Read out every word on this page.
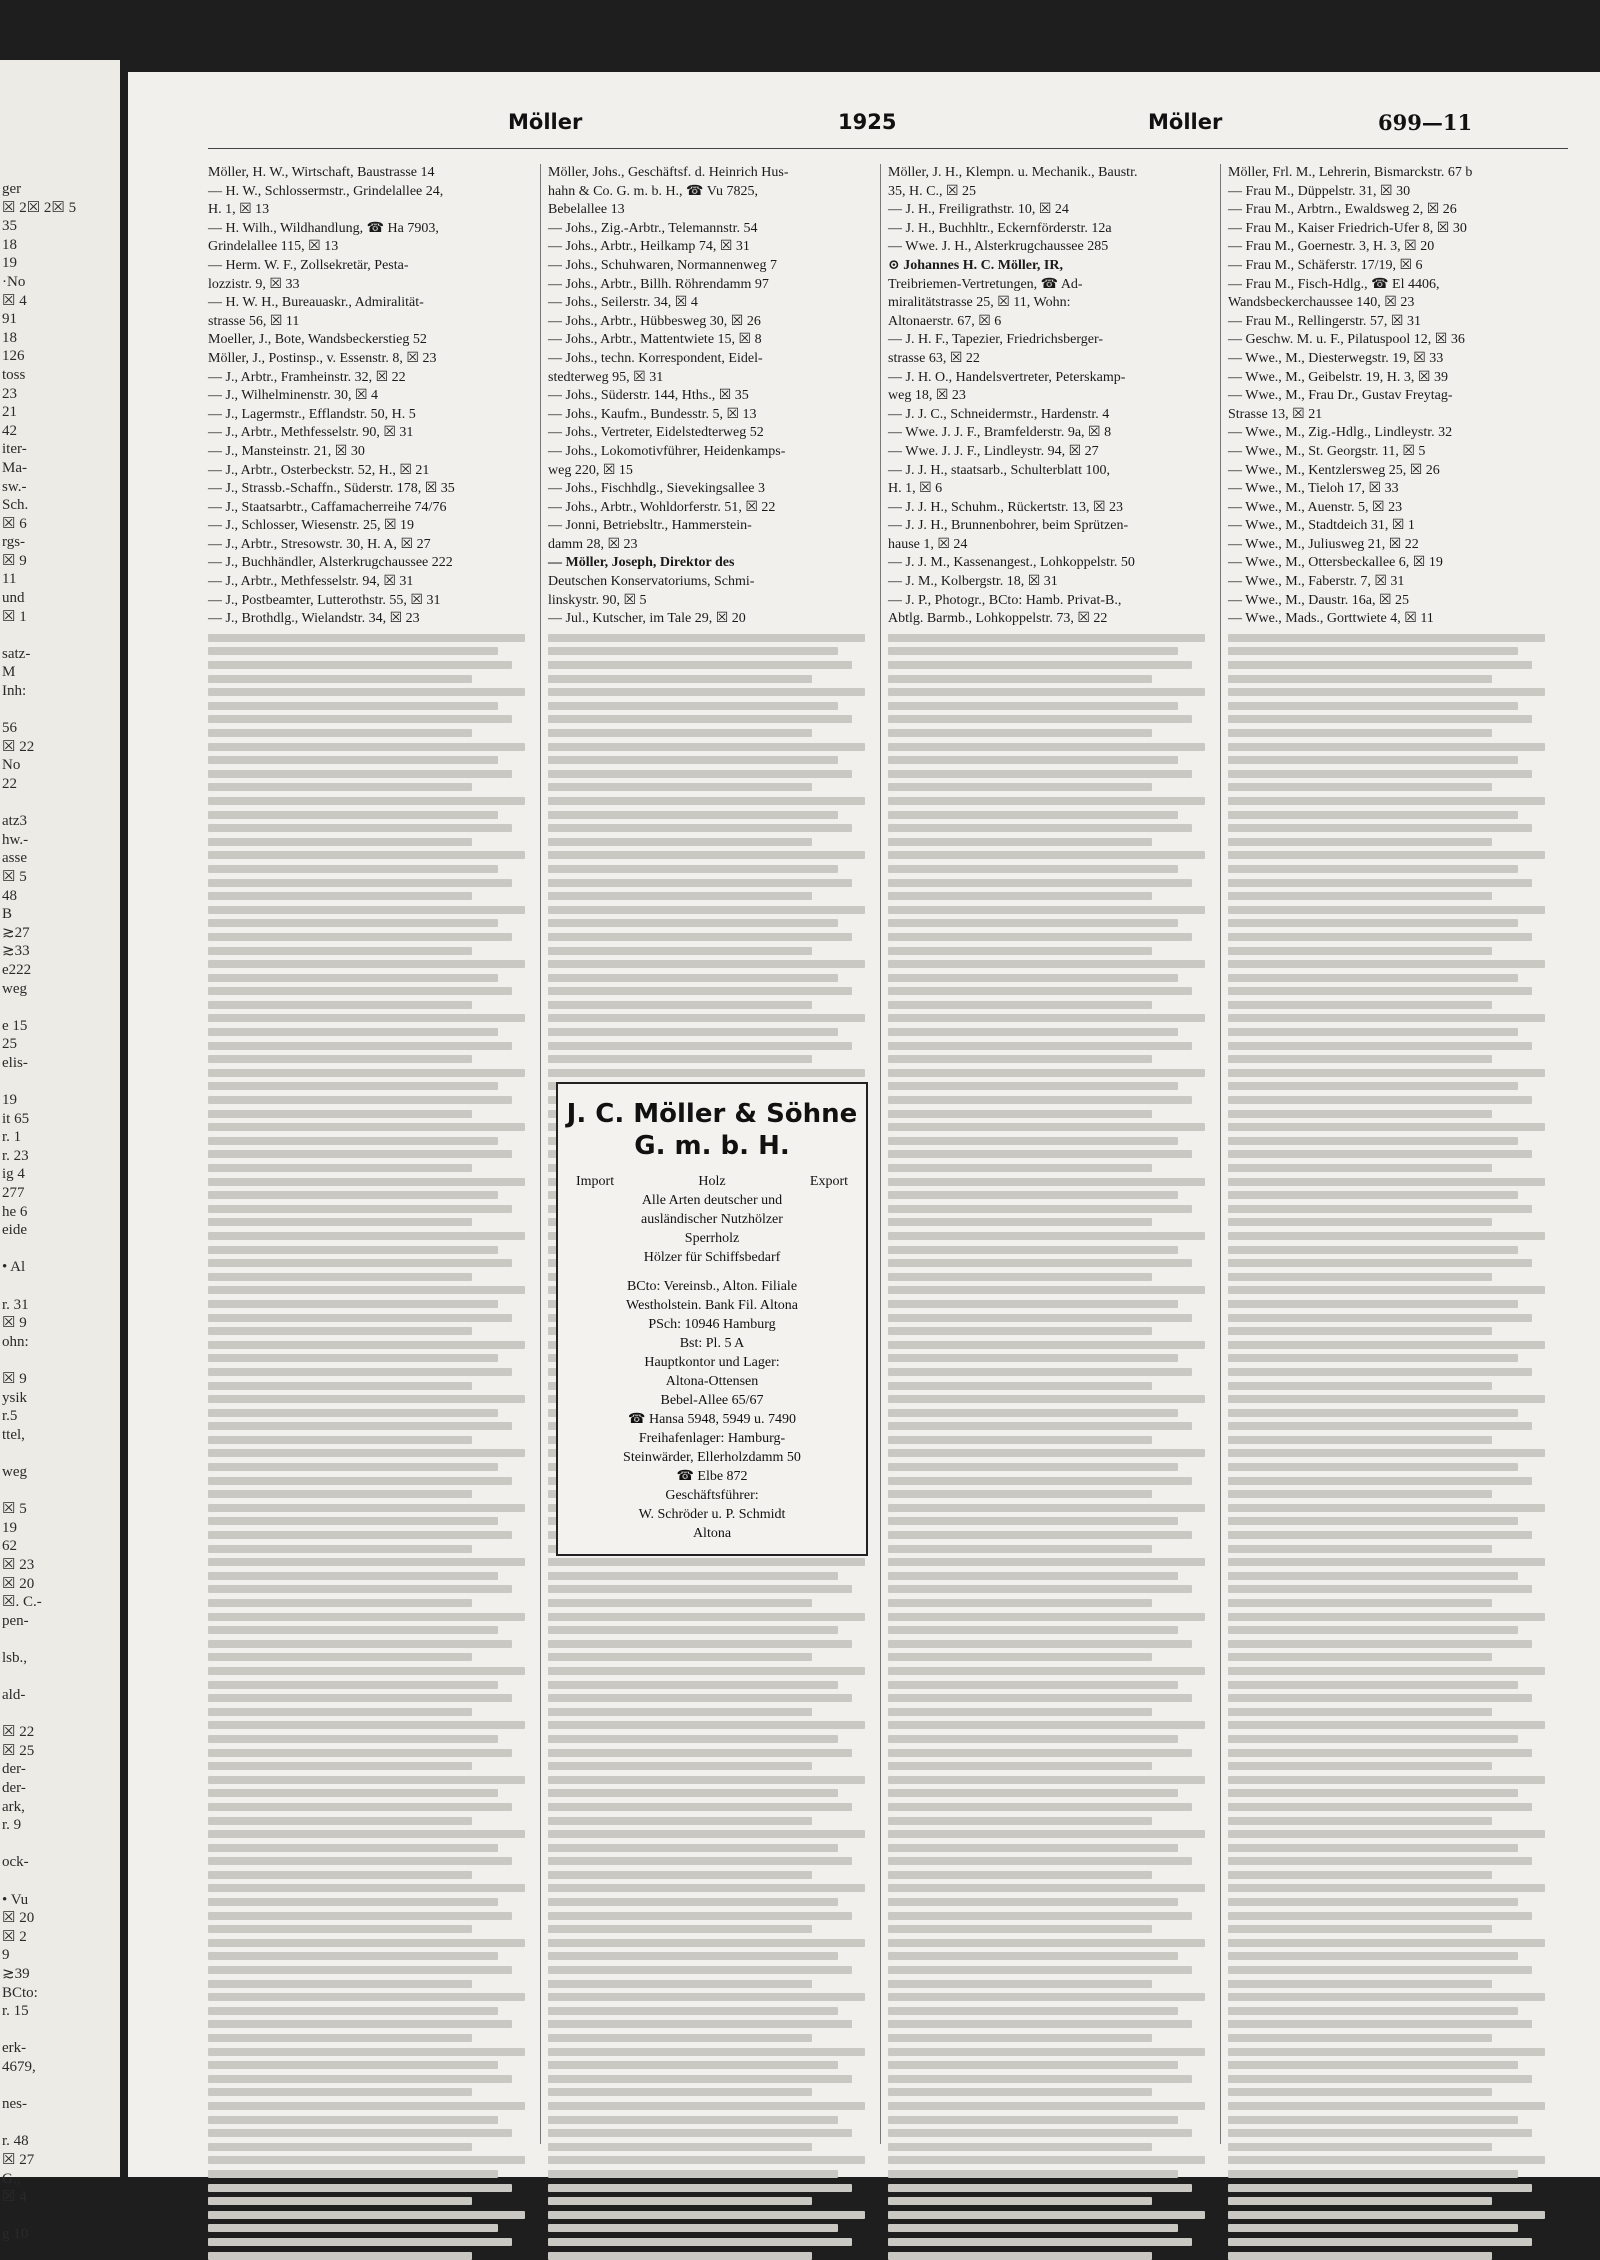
ger
☒ 2☒ 2☒ 5
35
18
19
·No
☒ 4
91
18
126
toss
23
21
42
iter-
Ma-
sw.-
Sch.
☒ 6
rgs-
☒ 9
11
und
☒ 1

satz-
M
Inh:

56
☒ 22
No
22

atz3
hw.-
asse
☒ 5
48
B
≳27
≳33
e222
weg

e 15
25
elis-

19
it 65
r. 1
r. 23
ig 4
277
he 6
eide

• Al

r. 31
☒ 9
ohn:

☒ 9
ysik
r.5
ttel,

weg

☒ 5
19
62
☒ 23
☒ 20
☒. C.-
pen-

lsb.,

ald-

☒ 22
☒ 25
der-
der-
ark,
r. 9

ock-

• Vu
☒ 20
☒ 2
9
≳39
BCto:
r. 15

erk-
4679,

nes-

r. 48
☒ 27
G.,
☒ 4

g 10
Möller	1925	Möller	699—11
Möller, H. W., Wirtschaft, Baustrasse 14
— H. W., Schlossermstr., Grindelallee 24,
H. 1, ☒ 13
— H. Wilh., Wildhandlung, ☎ Ha 7903,
Grindelallee 115, ☒ 13
— Herm. W. F., Zollsekretär, Pesta-
lozzistr. 9, ☒ 33
— H. W. H., Bureauaskr., Admiralität-
strasse 56, ☒ 11
Moeller, J., Bote, Wandsbeckerstieg 52
Möller, J., Postinsp., v. Essenstr. 8, ☒ 23
— J., Arbtr., Framheinstr. 32, ☒ 22
— J., Wilhelminenstr. 30, ☒ 4
— J., Lagermstr., Efflandstr. 50, H. 5
— J., Arbtr., Methfesselstr. 90, ☒ 31
— J., Mansteinstr. 21, ☒ 30
— J., Arbtr., Osterbeckstr. 52, H., ☒ 21
— J., Strassb.-Schaffn., Süderstr. 178, ☒ 35
— J., Staatsarbtr., Caffamacherreihe 74/76
— J., Schlosser, Wiesenstr. 25, ☒ 19
— J., Arbtr., Stresowstr. 30, H. A, ☒ 27
— J., Buchhändler, Alsterkrugchaussee 222
— J., Arbtr., Methfesselstr. 94, ☒ 31
— J., Postbeamter, Lutterothstr. 55, ☒ 31
— J., Brothdlg., Wielandstr. 34, ☒ 23
Möller, Johs., Geschäftsf. d. Heinrich Hus-
hahn & Co. G. m. b. H., ☎ Vu 7825,
Bebelallee 13
— Johs., Zig.-Arbtr., Telemannstr. 54
— Johs., Arbtr., Heilkamp 74, ☒ 31
— Johs., Schuhwaren, Normannenweg 7
— Johs., Arbtr., Billh. Röhrendamm 97
— Johs., Seilerstr. 34, ☒ 4
— Johs., Arbtr., Hübbesweg 30, ☒ 26
— Johs., Arbtr., Mattentwiete 15, ☒ 8
— Johs., techn. Korrespondent, Eidel-
stedterweg 95, ☒ 31
— Johs., Süderstr. 144, Hths., ☒ 35
— Johs., Kaufm., Bundesstr. 5, ☒ 13
— Johs., Vertreter, Eidelstedterweg 52
— Johs., Lokomotivführer, Heidenkamps-
weg 220, ☒ 15
— Johs., Fischhdlg., Sievekingsallee 3
— Johs., Arbtr., Wohldorferstr. 51, ☒ 22
— Jonni, Betriebsltr., Hammerstein-
damm 28, ☒ 23
— Möller, Joseph, Direktor des
Deutschen Konservatoriums, Schmi-
linskystr. 90, ☒ 5
— Jul., Kutscher, im Tale 29, ☒ 20
Möller, J. H., Klempn. u. Mechanik., Baustr.
35, H. C., ☒ 25
— J. H., Freiligrathstr. 10, ☒ 24
— J. H., Buchhltr., Eckernförderstr. 12a
— Wwe. J. H., Alsterkrugchaussee 285
⊙ Johannes H. C. Möller, IR,
Treibriemen-Vertretungen, ☎ Ad-
miralitätstrasse 25, ☒ 11, Wohn:
Altonaerstr. 67, ☒ 6
— J. H. F., Tapezier, Friedrichsberger-
strasse 63, ☒ 22
— J. H. O., Handelsvertreter, Peterskamp-
weg 18, ☒ 23
— J. J. C., Schneidermstr., Hardenstr. 4
— Wwe. J. J. F., Bramfelderstr. 9a, ☒ 8
— Wwe. J. J. F., Lindleystr. 94, ☒ 27
— J. J. H., staatsarb., Schulterblatt 100,
H. 1, ☒ 6
— J. J. H., Schuhm., Rückertstr. 13, ☒ 23
— J. J. H., Brunnenbohrer, beim Sprützen-
hause 1, ☒ 24
— J. J. M., Kassenangest., Lohkoppelstr. 50
— J. M., Kolbergstr. 18, ☒ 31
— J. P., Photogr., BCto: Hamb. Privat-B.,
Abtlg. Barmb., Lohkoppelstr. 73, ☒ 22
Möller, Frl. M., Lehrerin, Bismarckstr. 67 b
— Frau M., Düppelstr. 31, ☒ 30
— Frau M., Arbtrn., Ewaldsweg 2, ☒ 26
— Frau M., Kaiser Friedrich-Ufer 8, ☒ 30
— Frau M., Goernestr. 3, H. 3, ☒ 20
— Frau M., Schäferstr. 17/19, ☒ 6
— Frau M., Fisch-Hdlg., ☎ El 4406,
Wandsbeckerchaussee 140, ☒ 23
— Frau M., Rellingerstr. 57, ☒ 31
— Geschw. M. u. F., Pilatuspool 12, ☒ 36
— Wwe., M., Diesterwegstr. 19, ☒ 33
— Wwe., M., Geibelstr. 19, H. 3, ☒ 39
— Wwe., M., Frau Dr., Gustav Freytag-
Strasse 13, ☒ 21
— Wwe., M., Zig.-Hdlg., Lindleystr. 32
— Wwe., M., St. Georgstr. 11, ☒ 5
— Wwe., M., Kentzlersweg 25, ☒ 26
— Wwe., M., Tieloh 17, ☒ 33
— Wwe., M., Auenstr. 5, ☒ 23
— Wwe., M., Stadtdeich 31, ☒ 1
— Wwe., M., Juliusweg 21, ☒ 22
— Wwe., M., Ottersbeckallee 6, ☒ 19
— Wwe., M., Faberstr. 7, ☒ 31
— Wwe., M., Daustr. 16a, ☒ 25
— Wwe., Mads., Gorttwiete 4, ☒ 11
J. C. Möller & Söhne
G. m. b. H.
Import	Holz	Export
Alle Arten deutscher und
ausländischer Nutzhölzer
Sperrholz
Hölzer für Schiffsbedarf
BCto: Vereinsb., Alton. Filiale
Westholstein. Bank Fil. Altona
PSch: 10946 Hamburg
Bst: Pl. 5 A
Hauptkontor und Lager:
Altona-Ottensen
Bebel-Allee 65/67
☎ Hansa 5948, 5949 u. 7490
Freihafenlager: Hamburg-
Steinwärder, Ellerholzdamm 50
☎ Elbe 872
Geschäftsführer:
W. Schröder u. P. Schmidt
Altona
